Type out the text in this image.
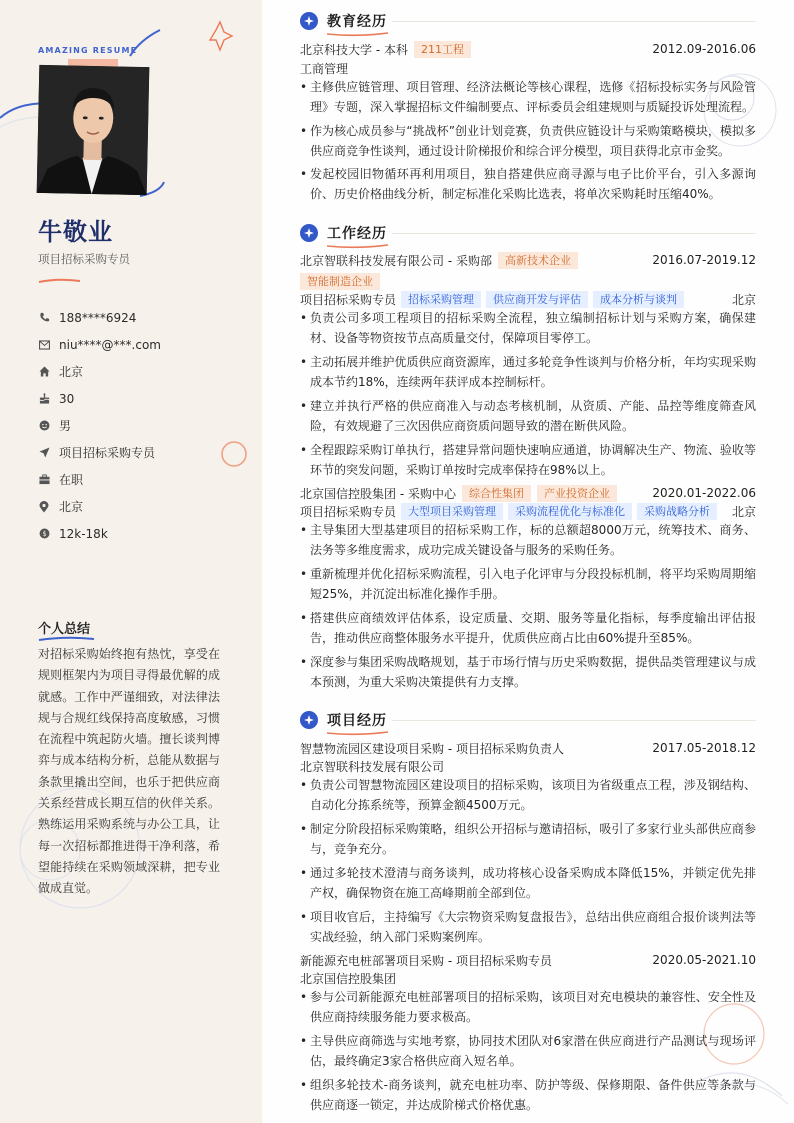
AMAZING RESUME
牛敬业
项目招标采购专员
188****6924
niu****@***.com
北京
30
男
项目招标采购专员
在职
北京
$ 12k-18k
个人总结
对招标采购始终抱有热忱，享受在规则框架内为项目寻得最优解的成就感。工作中严谨细致，对法律法规与合规红线保持高度敏感，习惯在流程中筑起防火墙。擅长谈判博弈与成本结构分析，总能从数据与条款里撬出空间，也乐于把供应商关系经营成长期互信的伙伴关系。熟练运用采购系统与办公工具，让每一次招标都推进得干净利落，希望能持续在采购领域深耕，把专业做成直觉。
教育经历
北京科技大学 - 本科	211工程	2012.09-2016.06
工商管理
• 主修供应链管理、项目管理、经济法概论等核心课程，选修《招标投标实务与风险管理》专题，深入掌握招标文件编制要点、评标委员会组建规则与质疑投诉处理流程。
• 作为核心成员参与“挑战杯”创业计划竞赛，负责供应链设计与采购策略模块，模拟多供应商竞争性谈判，通过设计阶梯报价和综合评分模型，项目获得北京市金奖。
• 发起校园旧物循环再利用项目，独自搭建供应商寻源与电子比价平台，引入多源询价、历史价格曲线分析，制定标准化采购比选表，将单次采购耗时压缩40%。
工作经历
北京智联科技发展有限公司 - 采购部	高新技术企业	2016.07-2019.12
智能制造企业
项目招标采购专员	招标采购管理	供应商开发与评估	成本分析与谈判	北京
• 负责公司多项工程项目的招标采购全流程，独立编制招标计划与采购方案，确保建材、设备等物资按节点高质量交付，保障项目零停工。
• 主动拓展并维护优质供应商资源库，通过多轮竞争性谈判与价格分析，年均实现采购成本节约18%，连续两年获评成本控制标杆。
• 建立并执行严格的供应商准入与动态考核机制，从资质、产能、品控等维度筛查风险，有效规避了三次因供应商资质问题导致的潜在断供风险。
• 全程跟踪采购订单执行，搭建异常问题快速响应通道，协调解决生产、物流、验收等环节的突发问题，采购订单按时完成率保持在98%以上。
北京国信控股集团 - 采购中心	综合性集团	产业投资企业	2020.01-2022.06
项目招标采购专员	大型项目采购管理	采购流程优化与标准化	采购战略分析	北京
• 主导集团大型基建项目的招标采购工作，标的总额超8000万元，统筹技术、商务、法务等多维度需求，成功完成关键设备与服务的采购任务。
• 重新梳理并优化招标采购流程，引入电子化评审与分段投标机制，将平均采购周期缩短25%，并沉淀出标准化操作手册。
• 搭建供应商绩效评估体系，设定质量、交期、服务等量化指标，每季度输出评估报告，推动供应商整体服务水平提升，优质供应商占比由60%提升至85%。
• 深度参与集团采购战略规划，基于市场行情与历史采购数据，提供品类管理建议与成本预测，为重大采购决策提供有力支撑。
项目经历
智慧物流园区建设项目采购 - 项目招标采购负责人	2017.05-2018.12
北京智联科技发展有限公司
• 负责公司智慧物流园区建设项目的招标采购，该项目为省级重点工程，涉及钢结构、自动化分拣系统等，预算金额4500万元。
• 制定分阶段招标采购策略，组织公开招标与邀请招标，吸引了多家行业头部供应商参与，竞争充分。
• 通过多轮技术澄清与商务谈判，成功将核心设备采购成本降低15%，并锁定优先排产权，确保物资在施工高峰期前全部到位。
• 项目收官后，主持编写《大宗物资采购复盘报告》，总结出供应商组合报价谈判法等实战经验，纳入部门采购案例库。
新能源充电桩部署项目采购 - 项目招标采购专员	2020.05-2021.10
北京国信控股集团
• 参与公司新能源充电桩部署项目的招标采购，该项目对充电模块的兼容性、安全性及供应商持续服务能力要求极高。
• 主导供应商筛选与实地考察，协同技术团队对6家潜在供应商进行产品测试与现场评估，最终确定3家合格供应商入短名单。
• 组织多轮技术-商务谈判，就充电桩功率、防护等级、保修期限、备件供应等条款与供应商逐一锁定，并达成阶梯式价格优惠。
